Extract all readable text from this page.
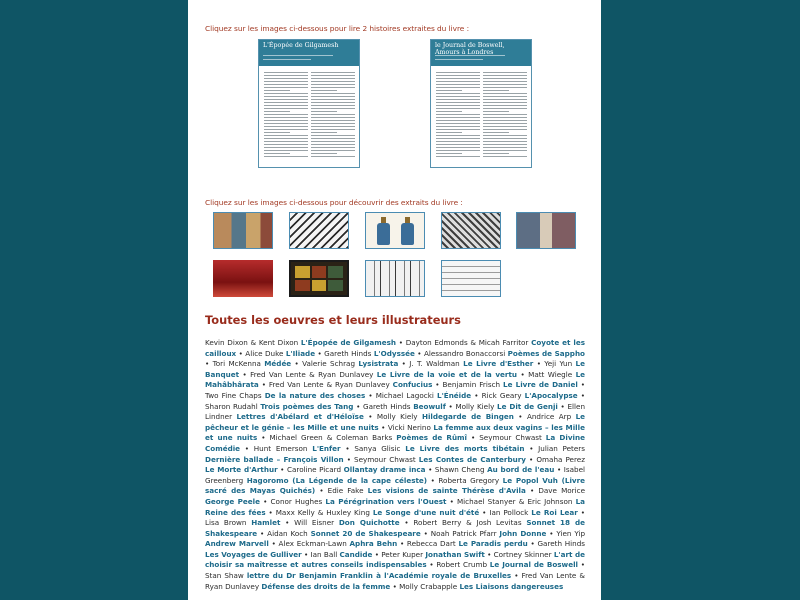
Cliquez sur les images ci-dessous pour lire 2 histoires extraites du livre :

L'Épopée de Gilgamesh	le Journal de Boswell, Amours à Londres

Cliquez sur les images ci-dessous pour découvrir des extraits du livre :

Toutes les oeuvres et leurs illustrateurs
Kevin Dixon & Kent Dixon L'Épopée de Gilgamesh • Dayton Edmonds & Micah Farritor Coyote et les cailloux • Alice Duke L'Iliade • Gareth Hinds L'Odyssée • Alessandro Bonaccorsi Poèmes de Sappho • Tori McKenna Médée • Valerie Schrag Lysistrata • J. T. Waldman Le Livre d'Esther • Yeji Yun Le Banquet • Fred Van Lente & Ryan Dunlavey Le Livre de la voie et de la vertu • Matt Wiegle Le Mahâbhârata • Fred Van Lente & Ryan Dunlavey Confucius • Benjamin Frisch Le Livre de Daniel • Two Fine Chaps De la nature des choses • Michael Lagocki L'Énéide • Rick Geary L'Apocalypse • Sharon Rudahl Trois poèmes des Tang • Gareth Hinds Beowulf • Molly Kiely Le Dit de Genji • Ellen Lindner Lettres d'Abélard et d'Héloïse • Molly Kiely Hildegarde de Bingen • Andrice Arp Le pêcheur et le génie – les Mille et une nuits • Vicki Nerino La femme aux deux vagins – les Mille et une nuits • Michael Green & Coleman Barks Poèmes de Rûmî • Seymour Chwast La Divine Comédie • Hunt Emerson L'Enfer • Sanya Glisic Le Livre des morts tibétain • Julian Peters Dernière ballade – François Villon • Seymour Chwast Les Contes de Canterbury • Omaha Perez Le Morte d'Arthur • Caroline Picard Ollantay drame inca • Shawn Cheng Au bord de l'eau • Isabel Greenberg Hagoromo (La Légende de la cape céleste) • Roberta Gregory Le Popol Vuh (Livre sacré des Mayas Quichés) • Edie Fake Les visions de sainte Thérèse d'Avila • Dave Morice George Peele • Conor Hughes La Pérégrination vers l'Ouest • Michael Stanyer & Eric Johnson La Reine des fées • Maxx Kelly & Huxley King Le Songe d'une nuit d'été • Ian Pollock Le Roi Lear • Lisa Brown Hamlet • Will Eisner Don Quichotte • Robert Berry & Josh Levitas Sonnet 18 de Shakespeare • Aidan Koch Sonnet 20 de Shakespeare • Noah Patrick Pfarr John Donne • Yien Yip Andrew Marvell • Alex Eckman-Lawn Aphra Behn • Rebecca Dart Le Paradis perdu • Gareth Hinds Les Voyages de Gulliver • Ian Ball Candide • Peter Kuper Jonathan Swift • Cortney Skinner L'art de choisir sa maîtresse et autres conseils indispensables • Robert Crumb Le Journal de Boswell • Stan Shaw lettre du Dr Benjamin Franklin à l'Académie royale de Bruxelles • Fred Van Lente & Ryan Dunlavey Défense des droits de la femme • Molly Crabapple Les Liaisons dangereuses
